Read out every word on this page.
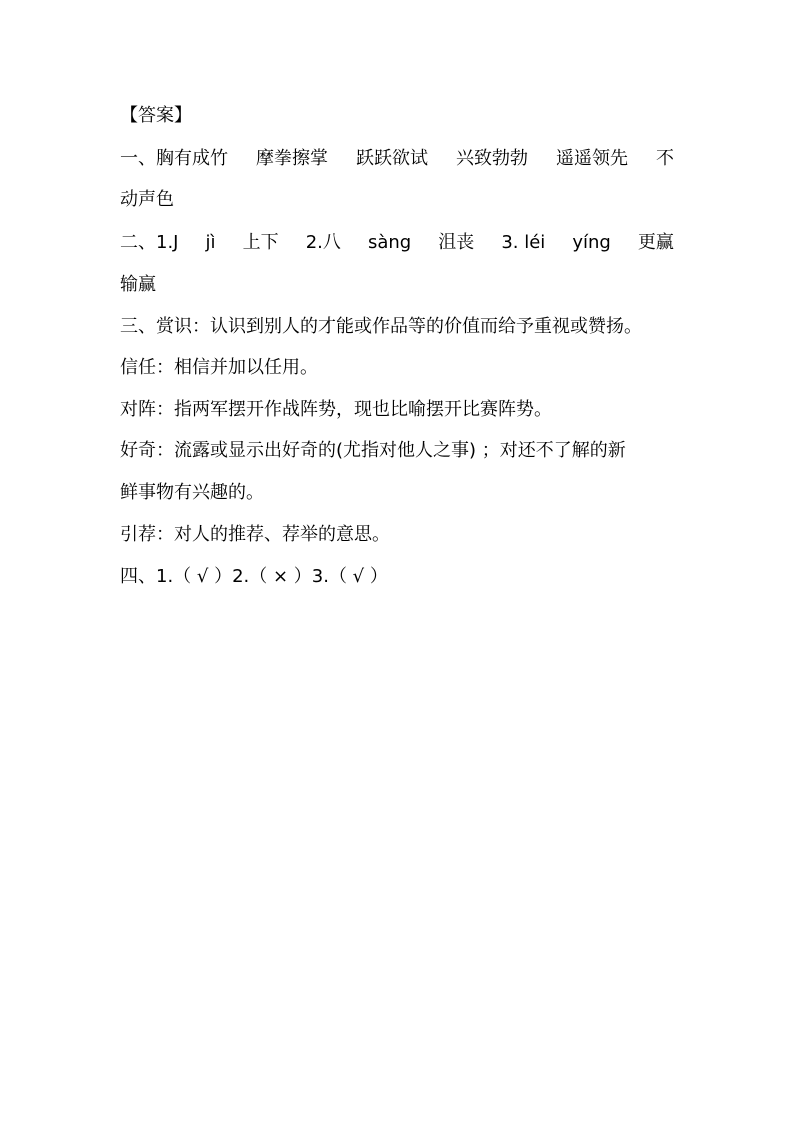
【答案】
一、胸有成竹 摩拳擦掌 跃跃欲试 兴致勃勃 遥遥领先 不
动声色
二、1.J jì 上下 2.八 sàng 沮丧 3. léi yíng 更赢
输赢
三、赏识：认识到别人的才能或作品等的价值而给予重视或赞扬。
信任：相信并加以任用。
对阵：指两军摆开作战阵势，现也比喻摆开比赛阵势。
好奇：流露或显示出好奇的(尤指对他人之事) ；对还不了解的新
鲜事物有兴趣的。
引荐：对人的推荐、荐举的意思。
四、1.（ √ ）2.（ × ）3.（ √ ）
